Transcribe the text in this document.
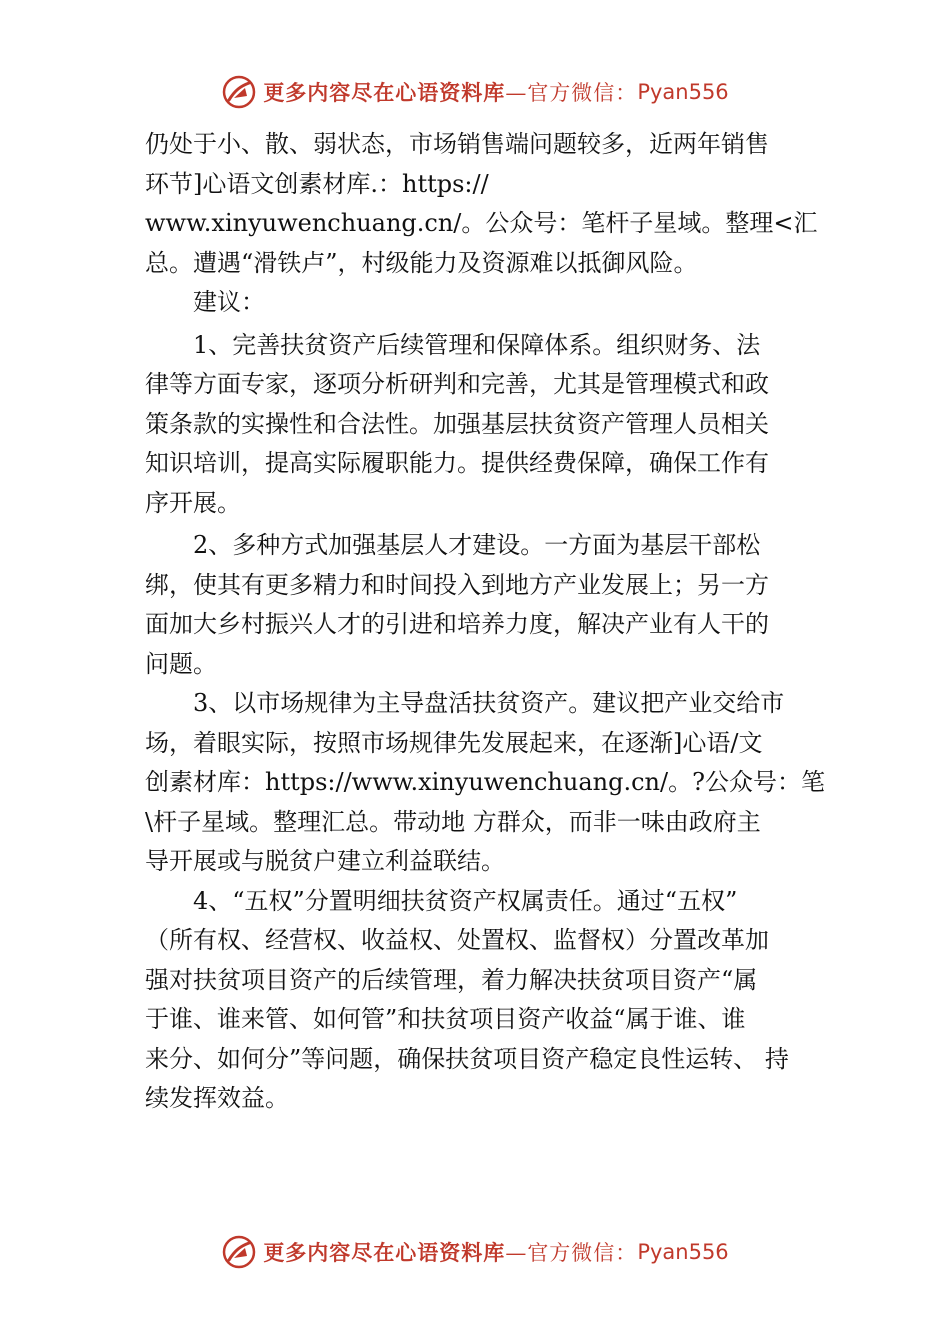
更多内容尽在心语资料库 —官方微信： Pyan556
仍处于小、散、弱状态，市场销售端问题较多，近两年销售
环节]心语文创素材库.：https://
www.xinyuwenchuang.cn/。公众号：笔杆子星域。整理<汇
总。遭遇“滑铁卢”，村级能力及资源难以抵御风险。
建议：
1、完善扶贫资产后续管理和保障体系。组织财务、法
律等方面专家，逐项分析研判和完善，尤其是管理模式和政
策条款的实操性和合法性。加强基层扶贫资产管理人员相关
知识培训，提高实际履职能力。提供经费保障，确保工作有
序开展。
2、多种方式加强基层人才建设。一方面为基层干部松
绑，使其有更多精力和时间投入到地方产业发展上；另一方
面加大乡村振兴人才的引进和培养力度，解决产业有人干的
问题。
3、以市场规律为主导盘活扶贫资产。建议把产业交给市
场，着眼实际，按照市场规律先发展起来，在逐渐]心语/文
创素材库：https://www.xinyuwenchuang.cn/。?公众号：笔
\杆子星域。整理汇总。带动地 方群众，而非一味由政府主
导开展或与脱贫户建立利益联结。
4、“五权”分置明细扶贫资产权属责任。通过“五权”
（所有权、经营权、收益权、处置权、监督权）分置改革加
强对扶贫项目资产的后续管理，着力解决扶贫项目资产“属
于谁、谁来管、如何管”和扶贫项目资产收益“属于谁、谁
来分、如何分”等问题，确保扶贫项目资产稳定良性运转、 持
续发挥效益。
更多内容尽在心语资料库 —官方微信： Pyan556
